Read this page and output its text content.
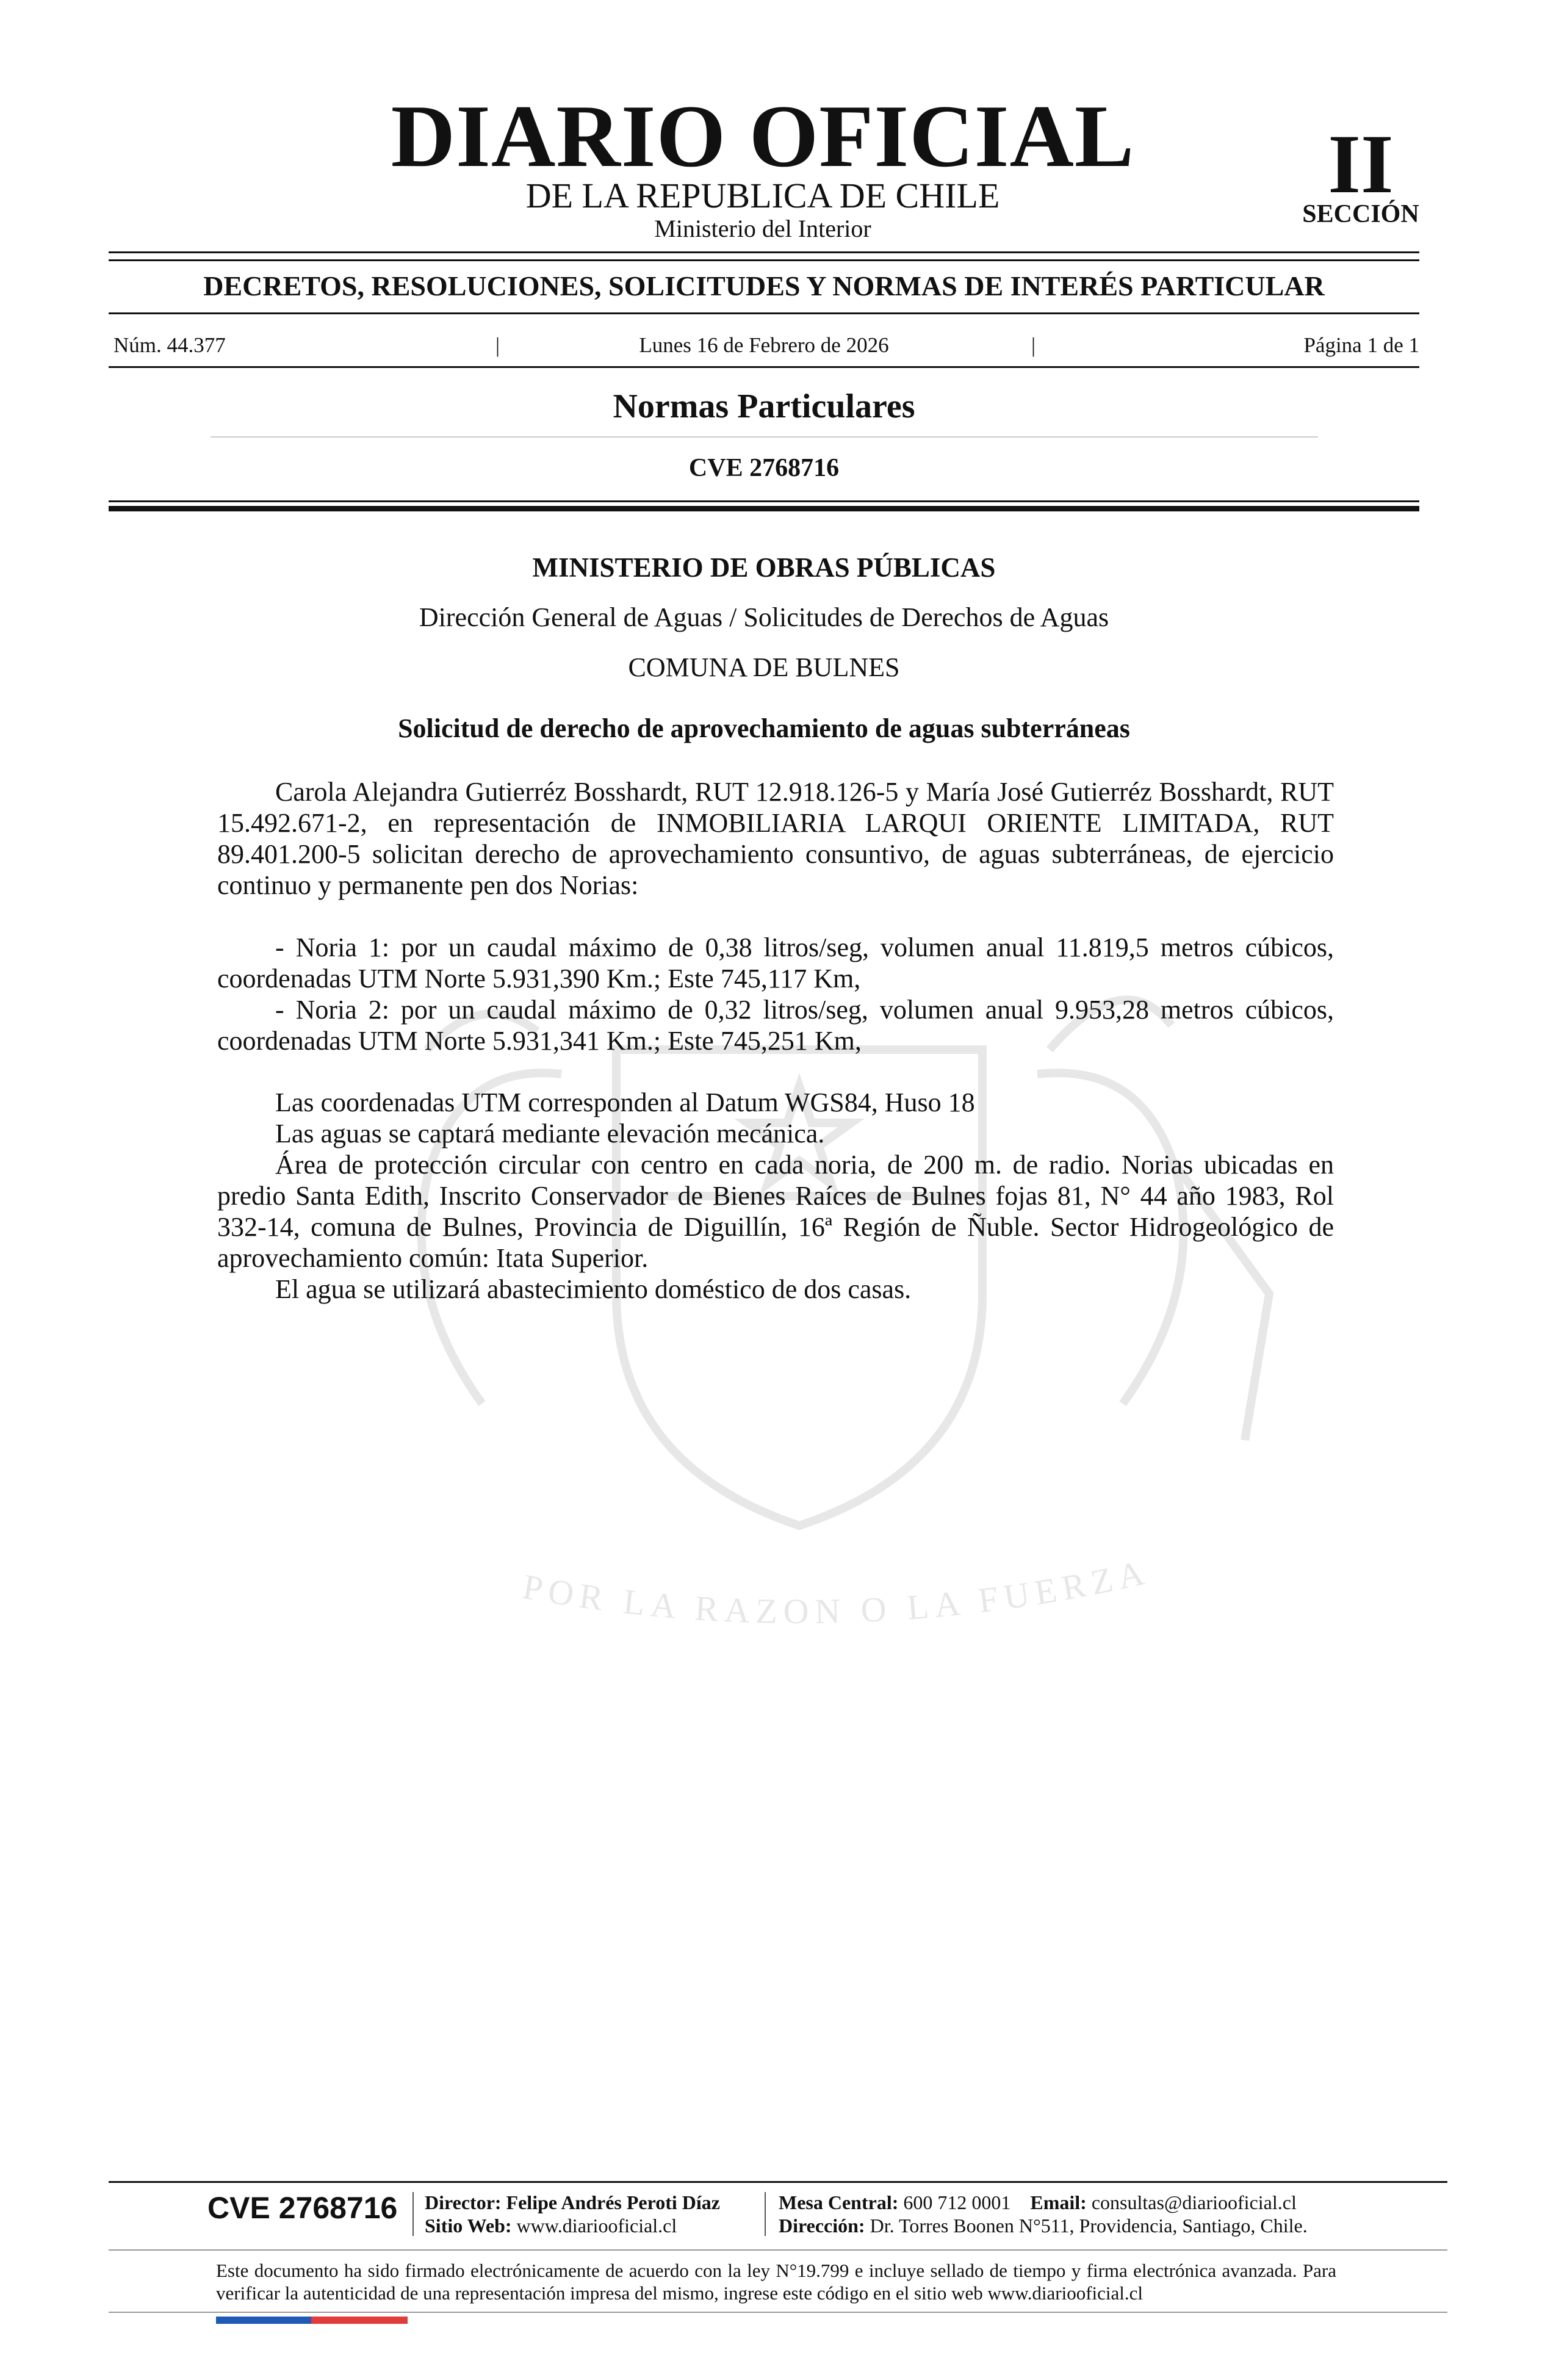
POR LA RAZON O LA FUERZA
DIARIO OFICIAL
DE LA REPUBLICA DE CHILE
Ministerio del Interior
II
SECCIÓN
DECRETOS, RESOLUCIONES, SOLICITUDES Y NORMAS DE INTERÉS PARTICULAR
Núm. 44.377	|	Lunes 16 de Febrero de 2026	|	Página 1 de 1
Normas Particulares
CVE 2768716
MINISTERIO DE OBRAS PÚBLICAS
Dirección General de Aguas / Solicitudes de Derechos de Aguas
COMUNA DE BULNES
Solicitud de derecho de aprovechamiento de aguas subterráneas

Carola Alejandra Gutierréz Bosshardt, RUT 12.918.126-5 y María José Gutierréz Bosshardt, RUT 15.492.671-2, en representación de INMOBILIARIA LARQUI ORIENTE LIMITADA, RUT 89.401.200-5 solicitan derecho de aprovechamiento consuntivo, de aguas subterráneas, de ejercicio continuo y permanente pen dos Norias:

- Noria 1: por un caudal máximo de 0,38 litros/seg, volumen anual 11.819,5 metros cúbicos, coordenadas UTM Norte 5.931,390 Km.; Este 745,117 Km,

- Noria 2: por un caudal máximo de 0,32 litros/seg, volumen anual 9.953,28 metros cúbicos, coordenadas UTM Norte 5.931,341 Km.; Este 745,251 Km,

Las coordenadas UTM corresponden al Datum WGS84, Huso 18

Las aguas se captará mediante elevación mecánica.

Área de protección circular con centro en cada noria, de 200 m. de radio. Norias ubicadas en predio Santa Edith, Inscrito Conservador de Bienes Raíces de Bulnes fojas 81, N° 44 año 1983, Rol 332-14, comuna de Bulnes, Provincia de Diguillín, 16ª Región de Ñuble. Sector Hidrogeológico de aprovechamiento común: Itata Superior.

El agua se utilizará abastecimiento doméstico de dos casas.

CVE 2768716 Director: Felipe Andrés Peroti Díaz
Sitio Web: www.diariooficial.cl
Mesa Central: 600 712 0001 Email: consultas@diariooficial.cl
Dirección: Dr. Torres Boonen N°511, Providencia, Santiago, Chile.
Este documento ha sido firmado electrónicamente de acuerdo con la ley N°19.799 e incluye sellado de tiempo y firma electrónica avanzada. Para verificar la autenticidad de una representación impresa del mismo, ingrese este código en el sitio web www.diariooficial.cl
